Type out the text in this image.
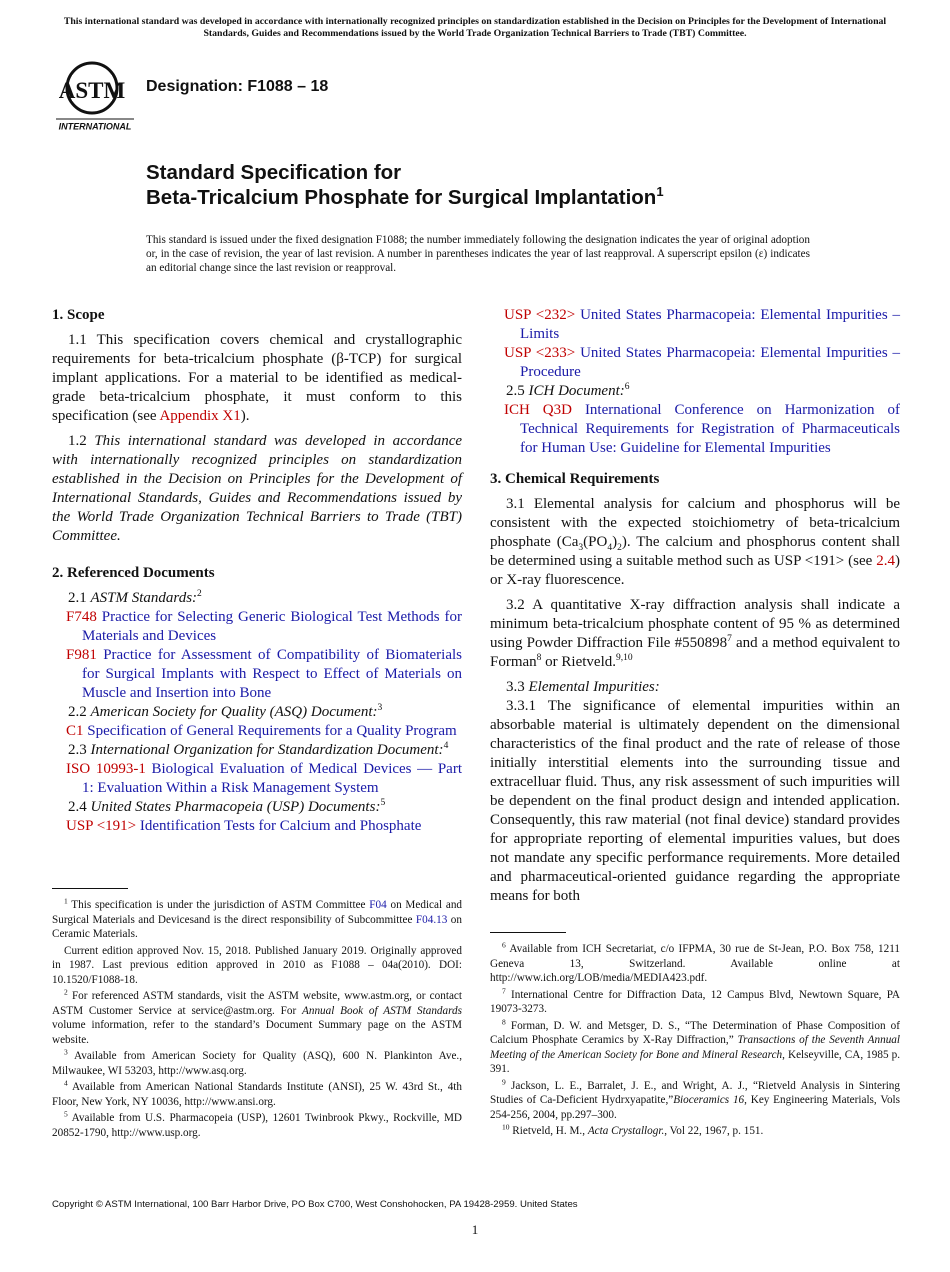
This international standard was developed in accordance with internationally recognized principles on standardization established in the Decision on Principles for the Development of International Standards, Guides and Recommendations issued by the World Trade Organization Technical Barriers to Trade (TBT) Committee.
ASTM
INTERNATIONAL
Designation: F1088 – 18
Standard Specification for
Beta-Tricalcium Phosphate for Surgical Implantation$^1$
This standard is issued under the fixed designation F1088; the number immediately following the designation indicates the year of original adoption or, in the case of revision, the year of last revision. A number in parentheses indicates the year of last reapproval. A superscript epsilon (ε) indicates an editorial change since the last revision or reapproval.
1. Scope

1.1 This specification covers chemical and crystallographic requirements for beta-tricalcium phosphate (β-TCP) for surgical implant applications. For a material to be identified as medical-grade beta-tricalcium phosphate, it must conform to this specification (see Appendix X1).

1.2 This international standard was developed in accordance with internationally recognized principles on standardization established in the Decision on Principles for the Development of International Standards, Guides and Recommendations issued by the World Trade Organization Technical Barriers to Trade (TBT) Committee.

2. Referenced Documents
2.1 ASTM Standards:$^2$
F748 Practice for Selecting Generic Biological Test Methods for Materials and Devices
F981 Practice for Assessment of Compatibility of Biomaterials for Surgical Implants with Respect to Effect of Materials on Muscle and Insertion into Bone
2.2 American Society for Quality (ASQ) Document:$^3$
C1 Specification of General Requirements for a Quality Program
2.3 International Organization for Standardization Document:$^4$
ISO 10993-1 Biological Evaluation of Medical Devices — Part 1: Evaluation Within a Risk Management System
2.4 United States Pharmacopeia (USP) Documents:$^5$
USP <191> Identification Tests for Calcium and Phosphate
USP <232> United States Pharmacopeia: Elemental Impurities – Limits
USP <233> United States Pharmacopeia: Elemental Impurities – Procedure
2.5 ICH Document:$^6$
ICH Q3D International Conference on Harmonization of Technical Requirements for Registration of Pharmaceuticals for Human Use: Guideline for Elemental Impurities
3. Chemical Requirements

3.1 Elemental analysis for calcium and phosphorus will be consistent with the expected stoichiometry of beta-tricalcium phosphate $(Ca_3(PO_4)_2)$. The calcium and phosphorus content shall be determined using a suitable method such as USP <191> (see 2.4) or X-ray fluorescence.

3.2 A quantitative X-ray diffraction analysis shall indicate a minimum beta-tricalcium phosphate content of 95 % as determined using Powder Diffraction File #550898$^7$ and a method equivalent to Forman$^8$ or Rietveld.$^{9,10}$

3.3 Elemental Impurities:

3.3.1 The significance of elemental impurities within an absorbable material is ultimately dependent on the dimensional characteristics of the final product and the rate of release of those initially interstitial elements into the surrounding tissue and extracelluar fluid. Thus, any risk assessment of such impurities will be dependent on the final product design and intended application. Consequently, this raw material (not final device) standard provides for appropriate reporting of elemental impurities values, but does not mandate any specific performance requirements. More detailed and pharmaceutical-oriented guidance regarding the appropriate means for both

$^1$ This specification is under the jurisdiction of ASTM Committee F04 on Medical and Surgical Materials and Devicesand is the direct responsibility of Subcommittee F04.13 on Ceramic Materials.

Current edition approved Nov. 15, 2018. Published January 2019. Originally approved in 1987. Last previous edition approved in 2010 as F1088 – 04a(2010). DOI: 10.1520/F1088-18.

$^2$ For referenced ASTM standards, visit the ASTM website, www.astm.org, or contact ASTM Customer Service at service@astm.org. For Annual Book of ASTM Standards volume information, refer to the standard’s Document Summary page on the ASTM website.

$^3$ Available from American Society for Quality (ASQ), 600 N. Plankinton Ave., Milwaukee, WI 53203, http://www.asq.org.

$^4$ Available from American National Standards Institute (ANSI), 25 W. 43rd St., 4th Floor, New York, NY 10036, http://www.ansi.org.

$^5$ Available from U.S. Pharmacopeia (USP), 12601 Twinbrook Pkwy., Rockville, MD 20852-1790, http://www.usp.org.

$^6$ Available from ICH Secretariat, c/o IFPMA, 30 rue de St-Jean, P.O. Box 758, 1211 Geneva 13, Switzerland. Available online at http://www.ich.org/LOB/media/MEDIA423.pdf.

$^7$ International Centre for Diffraction Data, 12 Campus Blvd, Newtown Square, PA 19073-3273.

$^8$ Forman, D. W. and Metsger, D. S., “The Determination of Phase Composition of Calcium Phosphate Ceramics by X-Ray Diffraction,” Transactions of the Seventh Annual Meeting of the American Society for Bone and Mineral Research, Kelseyville, CA, 1985 p. 391.

$^9$ Jackson, L. E., Barralet, J. E., and Wright, A. J., “Rietveld Analysis in Sintering Studies of Ca-Deficient Hydrxyapatite,”Bioceramics 16, Key Engineering Materials, Vols 254-256, 2004, pp.297–300.

$^{10}$ Rietveld, H. M., Acta Crystallogr., Vol 22, 1967, p. 151.

Copyright © ASTM International, 100 Barr Harbor Drive, PO Box C700, West Conshohocken, PA 19428-2959. United States
1
